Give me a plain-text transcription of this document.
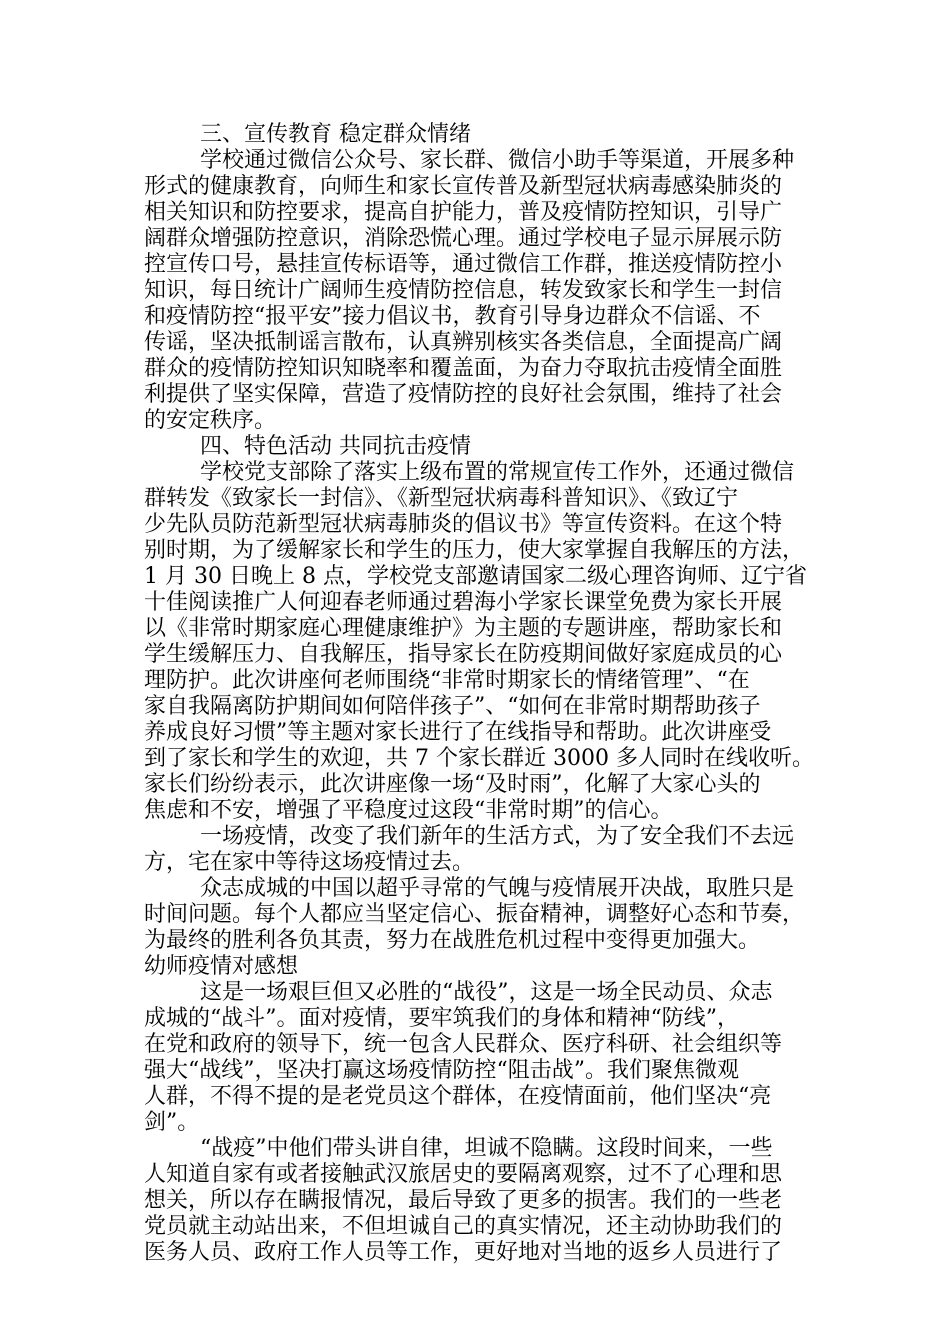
三、宣传教育 稳定群众情绪

学校通过微信公众号、家长群、微信小助手等渠道，开展多种

形式的健康教育，向师生和家长宣传普及新型冠状病毒感染肺炎的

相关知识和防控要求，提高自护能力，普及疫情防控知识，引导广

阔群众增强防控意识，消除恐慌心理。通过学校电子显示屏展示防

控宣传口号，悬挂宣传标语等，通过微信工作群，推送疫情防控小

知识，每日统计广阔师生疫情防控信息，转发致家长和学生一封信

和疫情防控“报平安”接力倡议书，教育引导身边群众不信谣、不

传谣，坚决抵制谣言散布，认真辨别核实各类信息，全面提高广阔

群众的疫情防控知识知晓率和覆盖面，为奋力夺取抗击疫情全面胜

利提供了坚实保障，营造了疫情防控的良好社会氛围，维持了社会

的安定秩序。

四、特色活动 共同抗击疫情

学校党支部除了落实上级布置的常规宣传工作外，还通过微信

群转发《致家长一封信》、《新型冠状病毒科普知识》、《致辽宁

少先队员防范新型冠状病毒肺炎的倡议书》等宣传资料。在这个特

别时期，为了缓解家长和学生的压力，使大家掌握自我解压的方法，

1 月 30 日晚上 8 点，学校党支部邀请国家二级心理咨询师、辽宁省

十佳阅读推广人何迎春老师通过碧海小学家长课堂免费为家长开展

以《非常时期家庭心理健康维护》为主题的专题讲座，帮助家长和

学生缓解压力、自我解压，指导家长在防疫期间做好家庭成员的心

理防护。此次讲座何老师围绕“非常时期家长的情绪管理”、“在

家自我隔离防护期间如何陪伴孩子”、“如何在非常时期帮助孩子

养成良好习惯”等主题对家长进行了在线指导和帮助。此次讲座受

到了家长和学生的欢迎，共 7 个家长群近 3000 多人同时在线收听。

家长们纷纷表示，此次讲座像一场“及时雨”，化解了大家心头的

焦虑和不安，增强了平稳度过这段“非常时期”的信心。

一场疫情，改变了我们新年的生活方式，为了安全我们不去远

方，宅在家中等待这场疫情过去。

众志成城的中国以超乎寻常的气魄与疫情展开决战，取胜只是

时间问题。每个人都应当坚定信心、振奋精神，调整好心态和节奏，

为最终的胜利各负其责，努力在战胜危机过程中变得更加强大。

幼师疫情对感想

这是一场艰巨但又必胜的“战役”，这是一场全民动员、众志

成城的“战斗”。面对疫情，要牢筑我们的身体和精神“防线”，

在党和政府的领导下，统一包含人民群众、医疗科研、社会组织等

强大“战线”，坚决打赢这场疫情防控“阻击战”。我们聚焦微观

人群，不得不提的是老党员这个群体，在疫情面前，他们坚决“亮

剑”。

“战疫”中他们带头讲自律，坦诚不隐瞒。这段时间来，一些

人知道自家有或者接触武汉旅居史的要隔离观察，过不了心理和思

想关，所以存在瞒报情况，最后导致了更多的损害。我们的一些老

党员就主动站出来，不但坦诚自己的真实情况，还主动协助我们的

医务人员、政府工作人员等工作，更好地对当地的返乡人员进行了
